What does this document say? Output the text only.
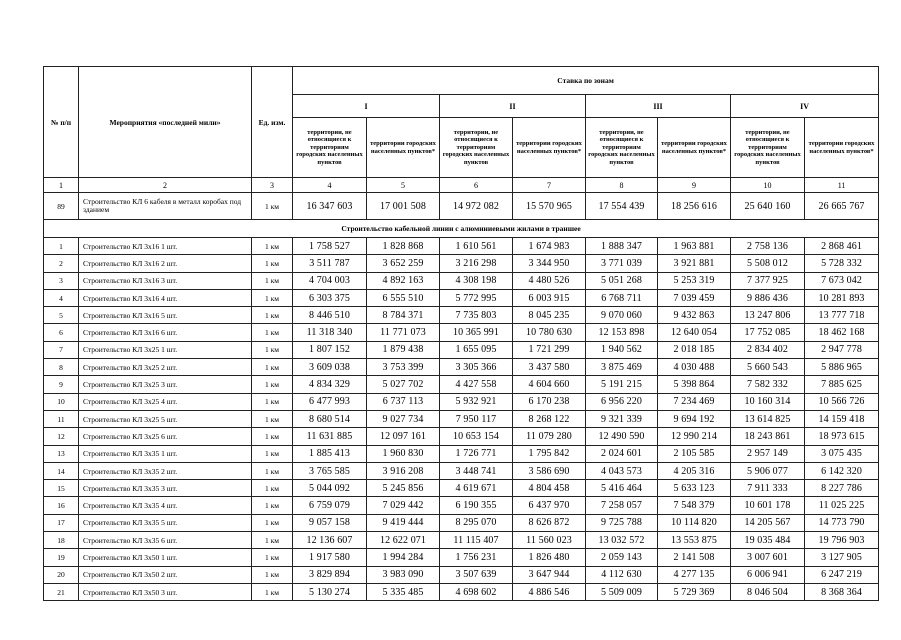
№ п/п	Мероприятия «последней мили»	Ед. изм.	Ставка по зонам							
			I		II		III		IV	
			территории, не относящиеся к территориям городских населенных пунктов	территории городских населенных пунктов*	территории, не относящиеся к территориям городских населенных пунктов	территории городских населенных пунктов*	территории, не относящиеся к территориям городских населенных пунктов	территории городских населенных пунктов*	территории, не относящиеся к территориям городских населенных пунктов	территории городских населенных пунктов*
1	2	3	4	5	6	7	8	9	10	11
89	Строительство КЛ 6 кабеля в металл коробах под зданием	1 км	16 347 603	17 001 508	14 972 082	15 570 965	17 554 439	18 256 616	25 640 160	26 665 767
Строительство кабельной линии с алюминиевыми жилами в траншее										
1	Строительство КЛ 3х16 1 шт.	1 км	1 758 527	1 828 868	1 610 561	1 674 983	1 888 347	1 963 881	2 758 136	2 868 461
2	Строительство КЛ 3х16 2 шт.	1 км	3 511 787	3 652 259	3 216 298	3 344 950	3 771 039	3 921 881	5 508 012	5 728 332
3	Строительство КЛ 3х16 3 шт.	1 км	4 704 003	4 892 163	4 308 198	4 480 526	5 051 268	5 253 319	7 377 925	7 673 042
4	Строительство КЛ 3х16 4 шт.	1 км	6 303 375	6 555 510	5 772 995	6 003 915	6 768 711	7 039 459	9 886 436	10 281 893
5	Строительство КЛ 3х16 5 шт.	1 км	8 446 510	8 784 371	7 735 803	8 045 235	9 070 060	9 432 863	13 247 806	13 777 718
6	Строительство КЛ 3х16 6 шт.	1 км	11 318 340	11 771 073	10 365 991	10 780 630	12 153 898	12 640 054	17 752 085	18 462 168
7	Строительство КЛ 3х25 1 шт.	1 км	1 807 152	1 879 438	1 655 095	1 721 299	1 940 562	2 018 185	2 834 402	2 947 778
8	Строительство КЛ 3х25 2 шт.	1 км	3 609 038	3 753 399	3 305 366	3 437 580	3 875 469	4 030 488	5 660 543	5 886 965
9	Строительство КЛ 3х25 3 шт.	1 км	4 834 329	5 027 702	4 427 558	4 604 660	5 191 215	5 398 864	7 582 332	7 885 625
10	Строительство КЛ 3х25 4 шт.	1 км	6 477 993	6 737 113	5 932 921	6 170 238	6 956 220	7 234 469	10 160 314	10 566 726
11	Строительство КЛ 3х25 5 шт.	1 км	8 680 514	9 027 734	7 950 117	8 268 122	9 321 339	9 694 192	13 614 825	14 159 418
12	Строительство КЛ 3х25 6 шт.	1 км	11 631 885	12 097 161	10 653 154	11 079 280	12 490 590	12 990 214	18 243 861	18 973 615
13	Строительство КЛ 3х35 1 шт.	1 км	1 885 413	1 960 830	1 726 771	1 795 842	2 024 601	2 105 585	2 957 149	3 075 435
14	Строительство КЛ 3х35 2 шт.	1 км	3 765 585	3 916 208	3 448 741	3 586 690	4 043 573	4 205 316	5 906 077	6 142 320
15	Строительство КЛ 3х35 3 шт.	1 км	5 044 092	5 245 856	4 619 671	4 804 458	5 416 464	5 633 123	7 911 333	8 227 786
16	Строительство КЛ 3х35 4 шт.	1 км	6 759 079	7 029 442	6 190 355	6 437 970	7 258 057	7 548 379	10 601 178	11 025 225
17	Строительство КЛ 3х35 5 шт.	1 км	9 057 158	9 419 444	8 295 070	8 626 872	9 725 788	10 114 820	14 205 567	14 773 790
18	Строительство КЛ 3х35 6 шт.	1 км	12 136 607	12 622 071	11 115 407	11 560 023	13 032 572	13 553 875	19 035 484	19 796 903
19	Строительство КЛ 3х50 1 шт.	1 км	1 917 580	1 994 284	1 756 231	1 826 480	2 059 143	2 141 508	3 007 601	3 127 905
20	Строительство КЛ 3х50 2 шт.	1 км	3 829 894	3 983 090	3 507 639	3 647 944	4 112 630	4 277 135	6 006 941	6 247 219
21	Строительство КЛ 3х50 3 шт.	1 км	5 130 274	5 335 485	4 698 602	4 886 546	5 509 009	5 729 369	8 046 504	8 368 364
